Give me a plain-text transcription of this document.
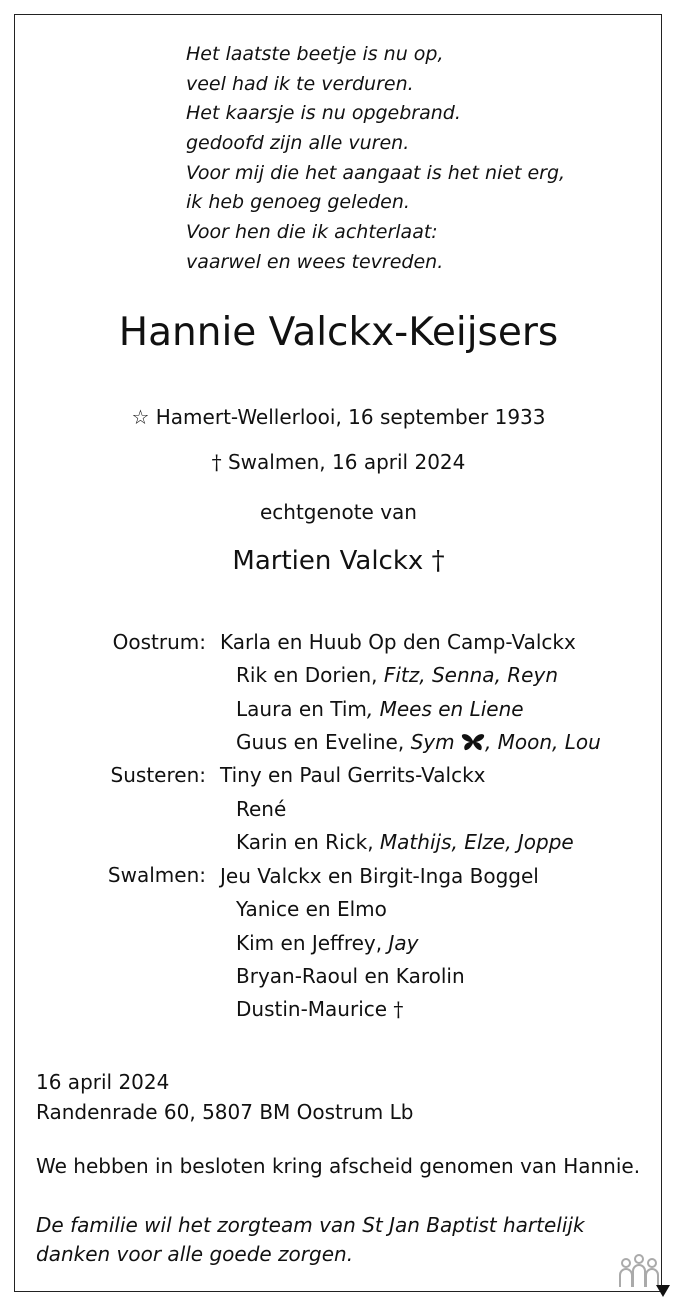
Het laatste beetje is nu op,
veel had ik te verduren.
Het kaarsje is nu opgebrand.
gedoofd zijn alle vuren.
Voor mij die het aangaat is het niet erg,
ik heb genoeg geleden.
Voor hen die ik achterlaat:
vaarwel en wees tevreden.
Hannie Valckx-Keijsers
☆ Hamert-Wellerlooi, 16 september 1933
† Swalmen, 16 april 2024
echtgenote van
Martien Valckx †
Oostrum: Karla en Huub Op den Camp-Valckx
Rik en Dorien, Fitz, Senna, Reyn
Laura en Tim, Mees en Liene
Guus en Eveline, Sym , Moon, Lou
Susteren: Tiny en Paul Gerrits-Valckx
René
Karin en Rick, Mathijs, Elze, Joppe
Swalmen: Jeu Valckx en Birgit-Inga Boggel
Yanice en Elmo
Kim en Jeffrey, Jay
Bryan-Raoul en Karolin
Dustin-Maurice †
16 april 2024
Randenrade 60, 5807 BM Oostrum Lb
We hebben in besloten kring afscheid genomen van Hannie.
De familie wil het zorgteam van St Jan Baptist hartelijk
danken voor alle goede zorgen.
